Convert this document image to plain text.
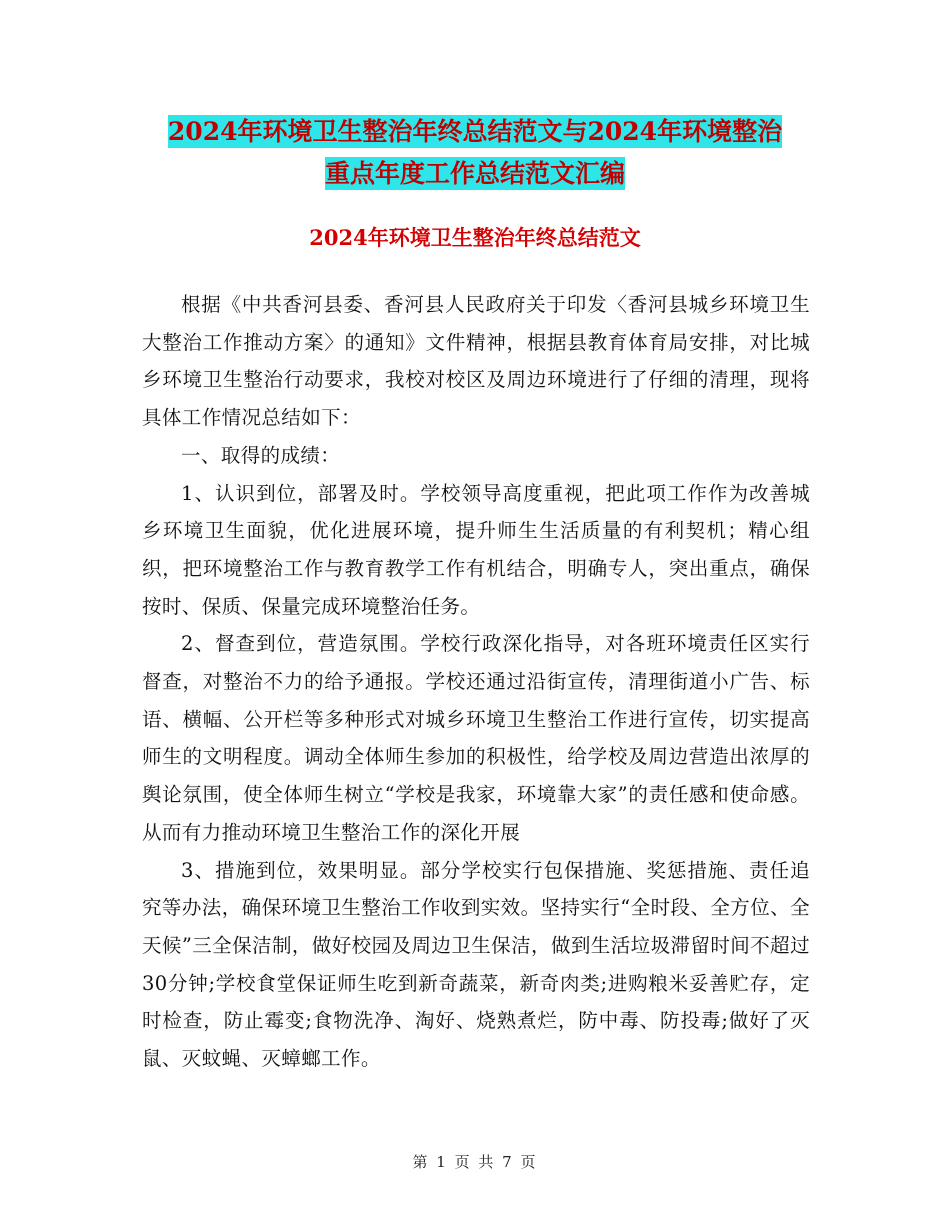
2024年环境卫生整治年终总结范文与2024年环境整治
重点年度工作总结范文汇编
2024年环境卫生整治年终总结范文

根据《中共香河县委、香河县人民政府关于印发〈香河县城乡环境卫生大整治工作推动方案〉的通知》文件精神，根据县教育体育局安排，对比城乡环境卫生整治行动要求，我校对校区及周边环境进行了仔细的清理，现将具体工作情况总结如下：

一、取得的成绩：

1、认识到位，部署及时。学校领导高度重视，把此项工作作为改善城乡环境卫生面貌，优化进展环境，提升师生生活质量的有利契机；精心组织，把环境整治工作与教育教学工作有机结合，明确专人，突出重点，确保按时、保质、保量完成环境整治任务。

2、督查到位，营造氛围。学校行政深化指导，对各班环境责任区实行督查，对整治不力的给予通报。学校还通过沿街宣传，清理街道小广告、标语、横幅、公开栏等多种形式对城乡环境卫生整治工作进行宣传，切实提高师生的文明程度。调动全体师生参加的积极性，给学校及周边营造出浓厚的舆论氛围，使全体师生树立“学校是我家，环境靠大家”的责任感和使命感。从而有力推动环境卫生整治工作的深化开展

3、措施到位，效果明显。部分学校实行包保措施、奖惩措施、责任追究等办法，确保环境卫生整治工作收到实效。坚持实行“全时段、全方位、全天候”三全保洁制，做好校园及周边卫生保洁，做到生活垃圾滞留时间不超过30分钟;学校食堂保证师生吃到新奇蔬菜，新奇肉类;进购粮米妥善贮存，定时检查，防止霉变;食物洗净、淘好、烧熟煮烂，防中毒、防投毒;做好了灭鼠、灭蚊蝇、灭蟑螂工作。

第 1 页 共 7 页
